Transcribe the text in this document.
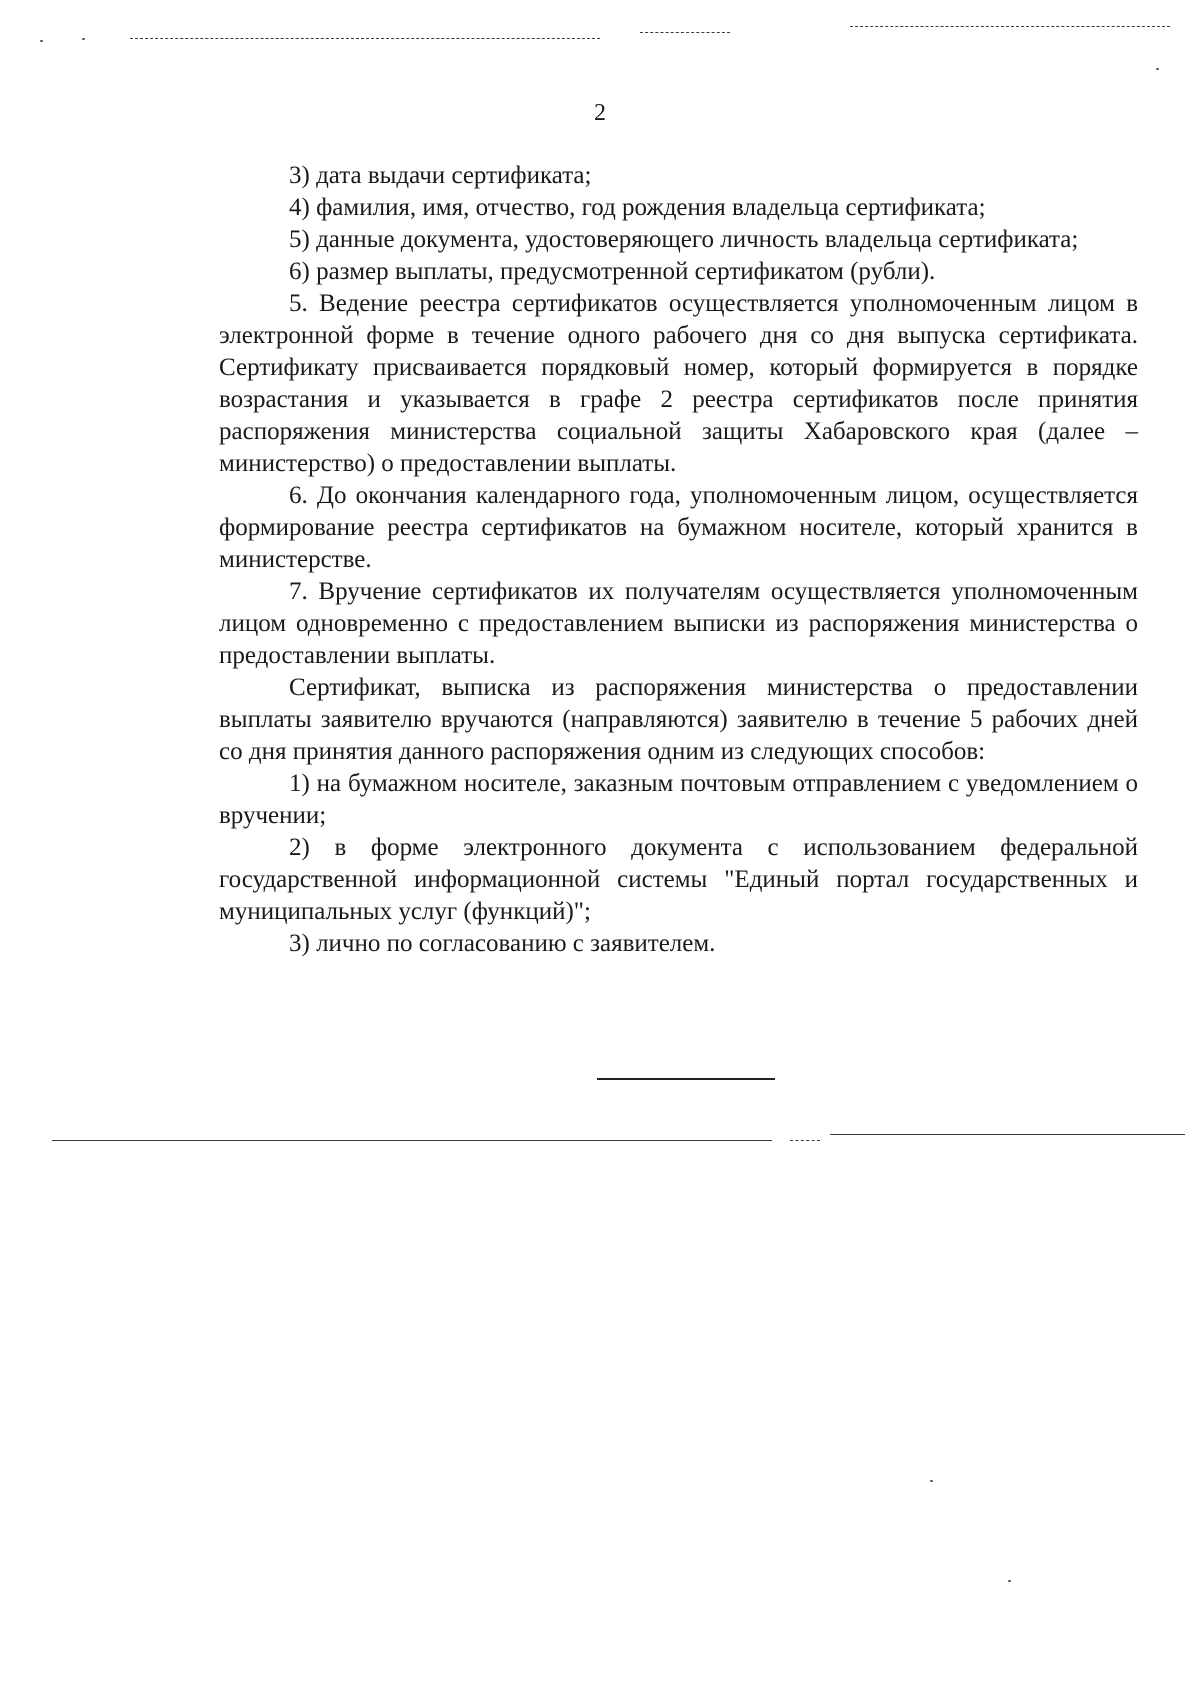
2

3) дата выдачи сертификата;

4) фамилия, имя, отчество, год рождения владельца сертификата;

5) данные документа, удостоверяющего личность владельца сертификата;

6) размер выплаты, предусмотренной сертификатом (рубли).

5. Ведение реестра сертификатов осуществляется уполномоченным лицом в электронной форме в течение одного рабочего дня со дня выпуска сертификата. Сертификату присваивается порядковый номер, который формируется в порядке возрастания и указывается в графе 2 реестра сертификатов после принятия распоряжения министерства социальной защиты Хабаровского края (далее – министерство) о предоставлении выплаты.

6. До окончания календарного года, уполномоченным лицом, осуществляется формирование реестра сертификатов на бумажном носителе, который хранится в министерстве.

7. Вручение сертификатов их получателям осуществляется уполномоченным лицом одновременно с предоставлением выписки из распоряжения министерства о предоставлении выплаты.

Сертификат, выписка из распоряжения министерства о предоставлении выплаты заявителю вручаются (направляются) заявителю в течение 5 рабочих дней со дня принятия данного распоряжения одним из следующих способов:

1) на бумажном носителе, заказным почтовым отправлением с уведомлением о вручении;

2) в форме электронного документа с использованием федеральной государственной информационной системы "Единый портал государственных и муниципальных услуг (функций)";

3) лично по согласованию с заявителем.
